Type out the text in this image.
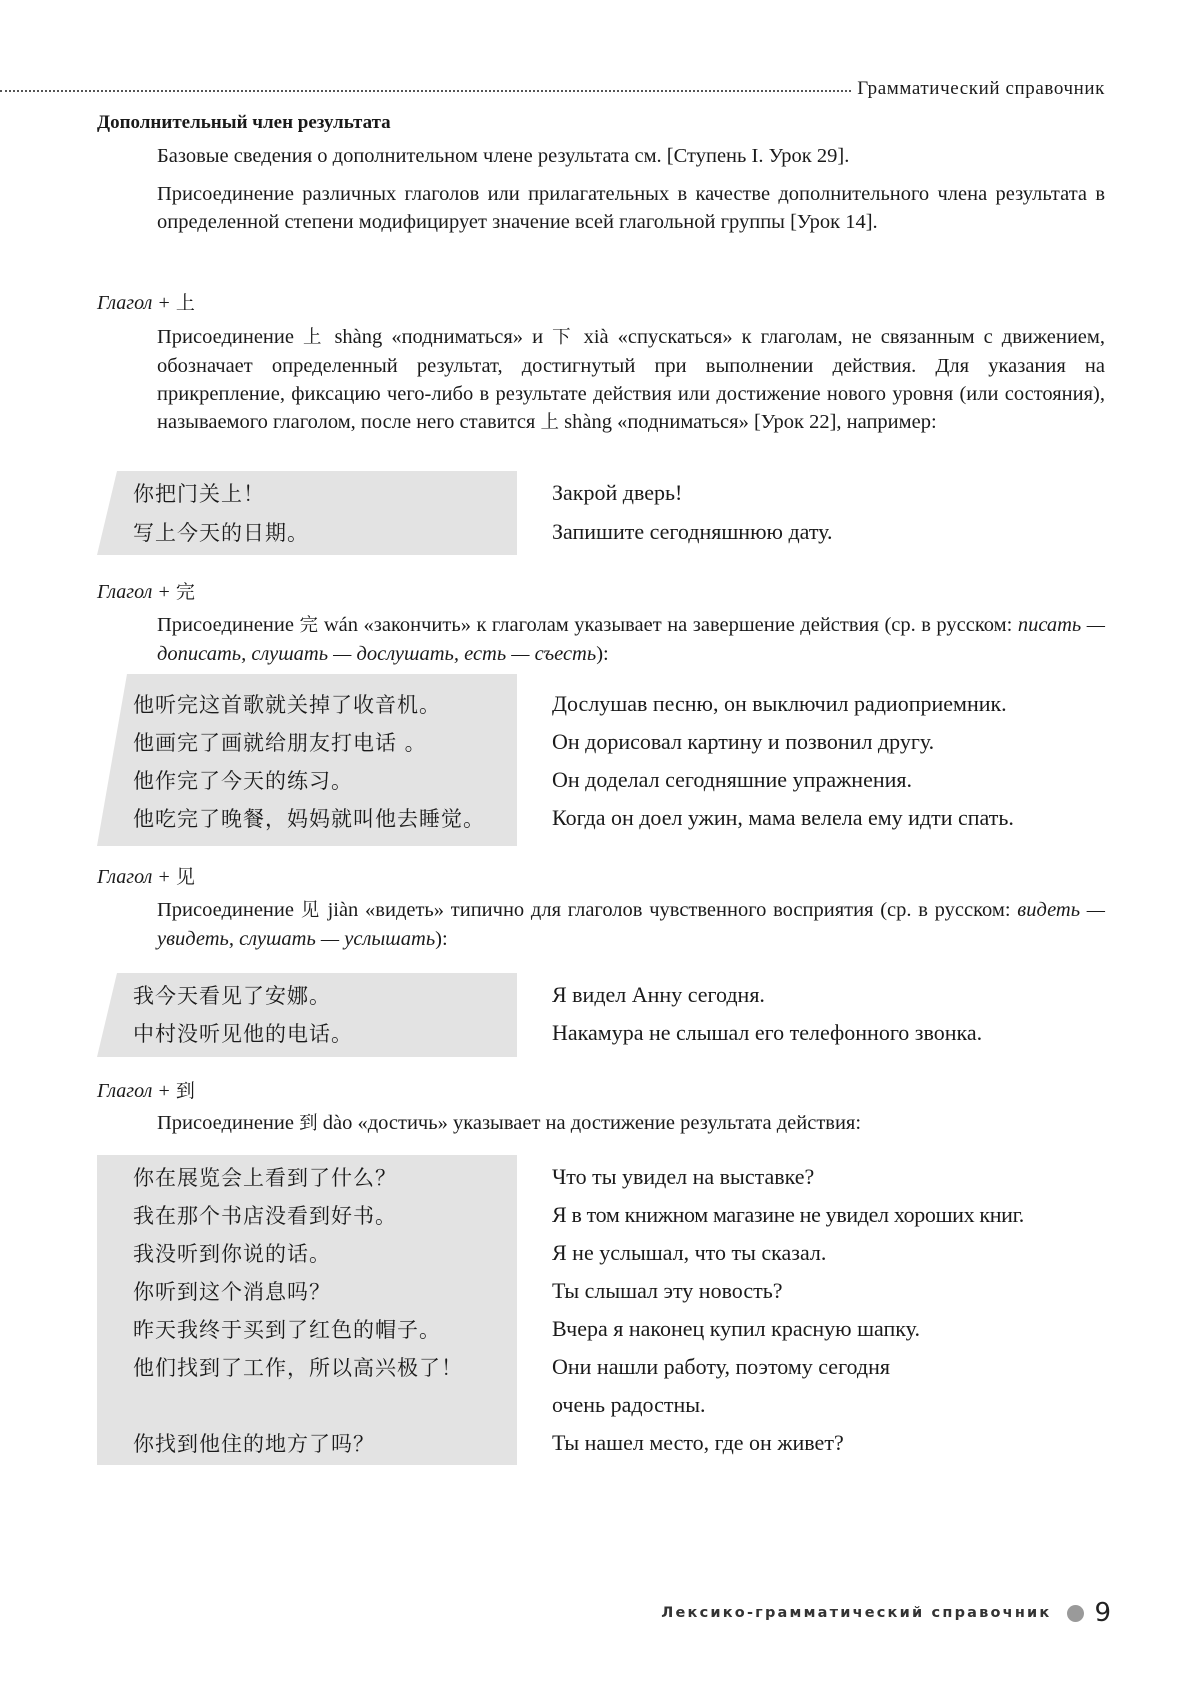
Грамматический справочник
Дополнительный член результата
Базовые сведения о дополнительном члене результата см. [Ступень I. Урок 29].
Присоединение различных глаголов или прилагательных в качестве дополнительного члена результата в определенной степени модифицирует значение всей глагольной группы [Урок 14].
Глагол + 上
Присоединение 上 shàng «подниматься» и 下 xià «спускаться» к глаголам, не связанным с движением, обозначает определенный результат, достигнутый при выполнении действия. Для указания на прикрепление, фиксацию чего-либо в результате действия или достижение нового уровня (или состояния), называемого глаголом, после него ставится 上 shàng «подниматься» [Урок 22], например:
你把门关上！	Закрой дверь!
写上今天的日期。	Запишите сегодняшнюю дату.
Глагол + 完
Присоединение 完 wán «закончить» к глаголам указывает на завершение действия (ср. в русском: писать — дописать, слушать — дослушать, есть — съесть):
他听完这首歌就关掉了收音机。	Дослушав песню, он выключил радиоприемник.
他画完了画就给朋友打电话 。	Он дорисовал картину и позвонил другу.
他作完了今天的练习。	Он доделал сегодняшние упражнения.
他吃完了晚餐，妈妈就叫他去睡觉。	Когда он доел ужин, мама велела ему идти спать.
Глагол + 见
Присоединение 见 jiàn «видеть» типично для глаголов чувственного восприятия (ср. в русском: видеть — увидеть, слушать — услышать):
我今天看见了安娜。	Я видел Анну сегодня.
中村没听见他的电话。	Накамура не слышал его телефонного звонка.
Глагол + 到
Присоединение 到 dào «достичь» указывает на достижение результата действия:
你在展览会上看到了什么？	Что ты увидел на выставке?
我在那个书店没看到好书。	Я в том книжном магазине не увидел хороших книг.
我没听到你说的话。	Я не услышал, что ты сказал.
你听到这个消息吗？	Ты слышал эту новость?
昨天我终于买到了红色的帽子。	Вчера я наконец купил красную шапку.
他们找到了工作，所以高兴极了！	Они нашли работу, поэтому сегодня
очень радостны.
你找到他住的地方了吗？	Ты нашел место, где он живет?
Лексико-грамматический справочник 9
